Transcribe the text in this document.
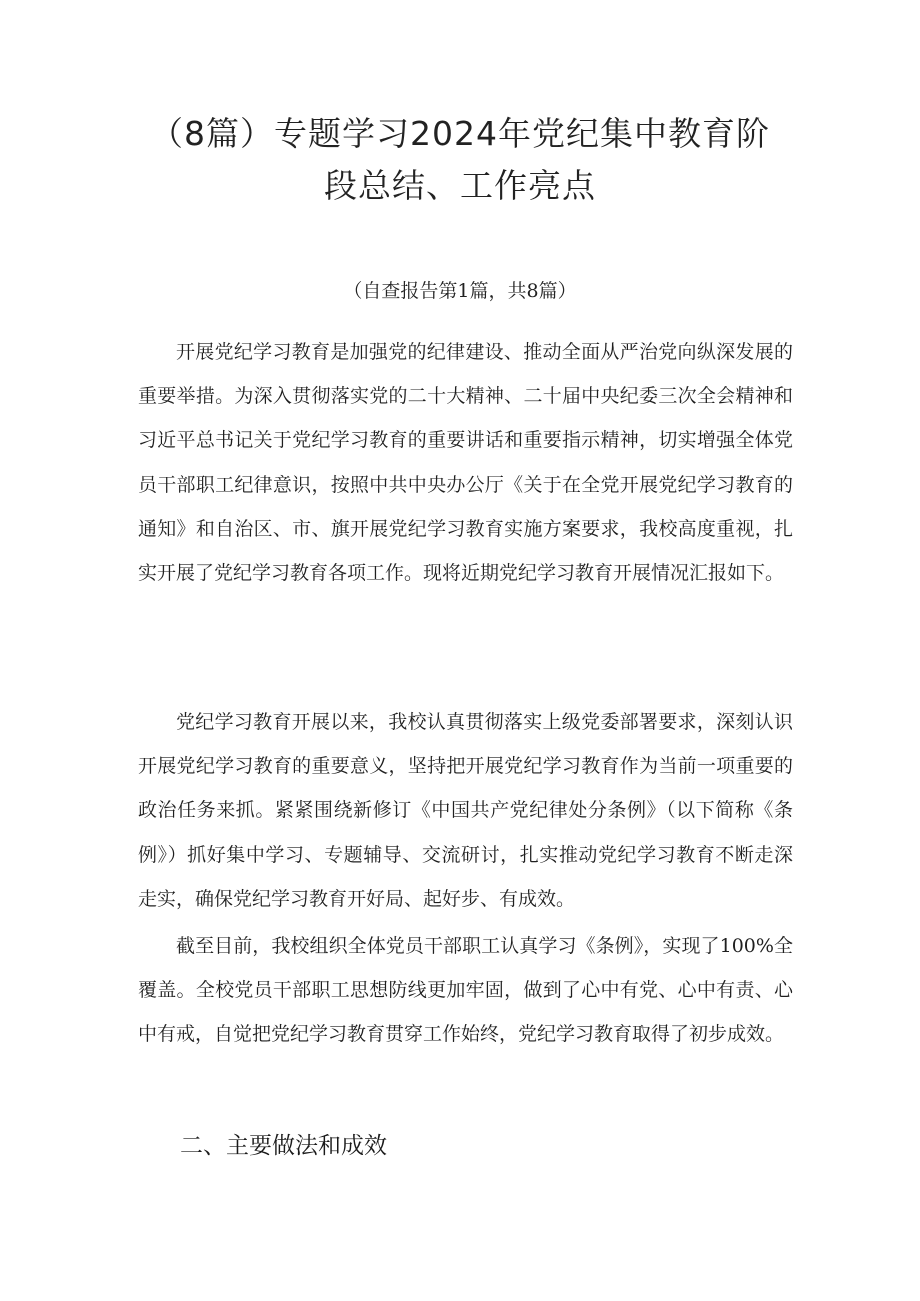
（8篇）专题学习2024年党纪集中教育阶
段总结、工作亮点

（自查报告第1篇，共8篇）

开展党纪学习教育是加强党的纪律建设、推动全面从严治党向纵深发展的重要举措。为深入贯彻落实党的二十大精神、二十届中央纪委三次全会精神和习近平总书记关于党纪学习教育的重要讲话和重要指示精神，切实增强全体党员干部职工纪律意识，按照中共中央办公厅《关于在全党开展党纪学习教育的通知》和自治区、市、旗开展党纪学习教育实施方案要求，我校高度重视，扎实开展了党纪学习教育各项工作。现将近期党纪学习教育开展情况汇报如下。

党纪学习教育开展以来，我校认真贯彻落实上级党委部署要求，深刻认识开展党纪学习教育的重要意义，坚持把开展党纪学习教育作为当前一项重要的政治任务来抓。紧紧围绕新修订《中国共产党纪律处分条例》（以下简称《条例》）抓好集中学习、专题辅导、交流研讨，扎实推动党纪学习教育不断走深走实，确保党纪学习教育开好局、起好步、有成效。

截至目前，我校组织全体党员干部职工认真学习《条例》，实现了100%全覆盖。全校党员干部职工思想防线更加牢固，做到了心中有党、心中有责、心中有戒，自觉把党纪学习教育贯穿工作始终，党纪学习教育取得了初步成效。

二、主要做法和成效
